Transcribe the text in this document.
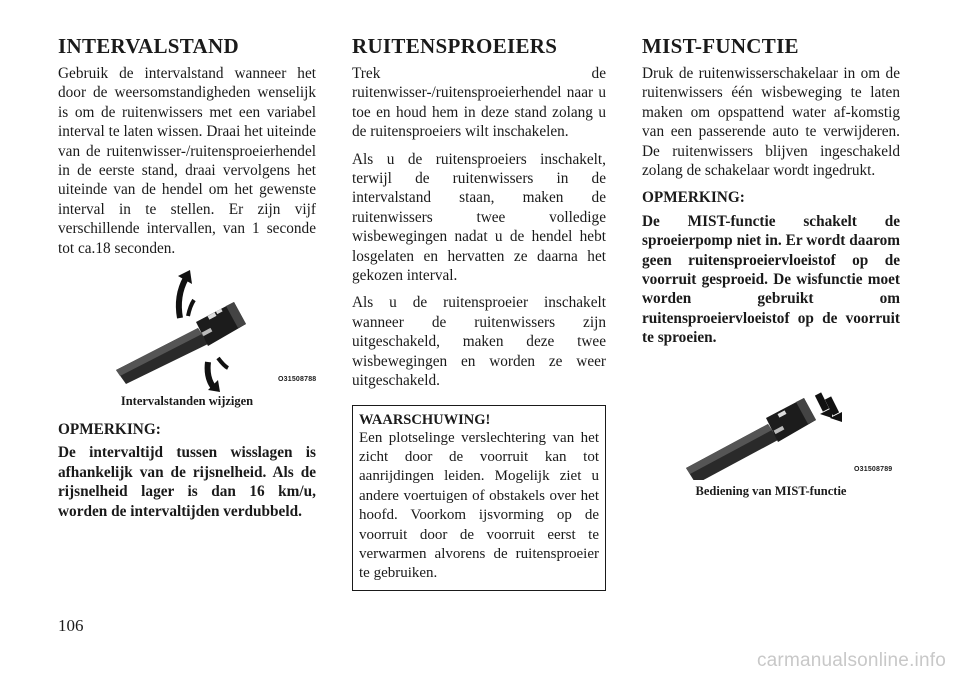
INTERVALSTAND

Gebruik de intervalstand wanneer het door de weersomstandigheden wenselijk is om de ruitenwissers met een variabel interval te laten wissen. Draai het uiteinde van de ruitenwisser-/ruitensproeierhendel in de eerste stand, draai vervolgens het uiteinde van de hendel om het gewenste interval in te stellen. Er zijn vijf verschillende intervallen, van 1 seconde tot ca.18 seconden.

O31508788
Intervalstanden wijzigen

OPMERKING:

De intervaltijd tussen wisslagen is afhankelijk van de rijsnelheid. Als de rijsnelheid lager is dan 16 km/u, worden de intervaltijden verdubbeld.

RUITENSPROEIERS

Trek de ruitenwisser-/ruitensproeierhendel naar u toe en houd hem in deze stand zolang u de ruitensproeiers wilt inschakelen.

Als u de ruitensproeiers inschakelt, terwijl de ruitenwissers in de intervalstand staan, maken de ruitenwissers twee volledige wisbewegingen nadat u de hendel hebt losgelaten en hervatten ze daarna het gekozen interval.

Als u de ruitensproeier inschakelt wanneer de ruitenwissers zijn uitgeschakeld, maken deze twee wisbewegingen en worden ze weer uitgeschakeld.

WAARSCHUWING!

Een plotselinge verslechtering van het zicht door de voorruit kan tot aanrijdingen leiden. Mogelijk ziet u andere voertuigen of obstakels over het hoofd. Voorkom ijsvorming op de voorruit door de voorruit eerst te verwarmen alvorens de ruitensproeier te gebruiken.

MIST-FUNCTIE

Druk de ruitenwisserschakelaar in om de ruitenwissers één wisbeweging te laten maken om opspattend water af-komstig van een passerende auto te verwijderen. De ruitenwissers blijven ingeschakeld zolang de schakelaar wordt ingedrukt.

OPMERKING:

De MIST-functie schakelt de sproeierpomp niet in. Er wordt daarom geen ruitensproeiervloeistof op de voorruit gesproeid. De wisfunctie moet worden gebruikt om ruitensproeiervloeistof op de voorruit te sproeien.

O31508789
Bediening van MIST-functie
106
carmanualsonline.info
